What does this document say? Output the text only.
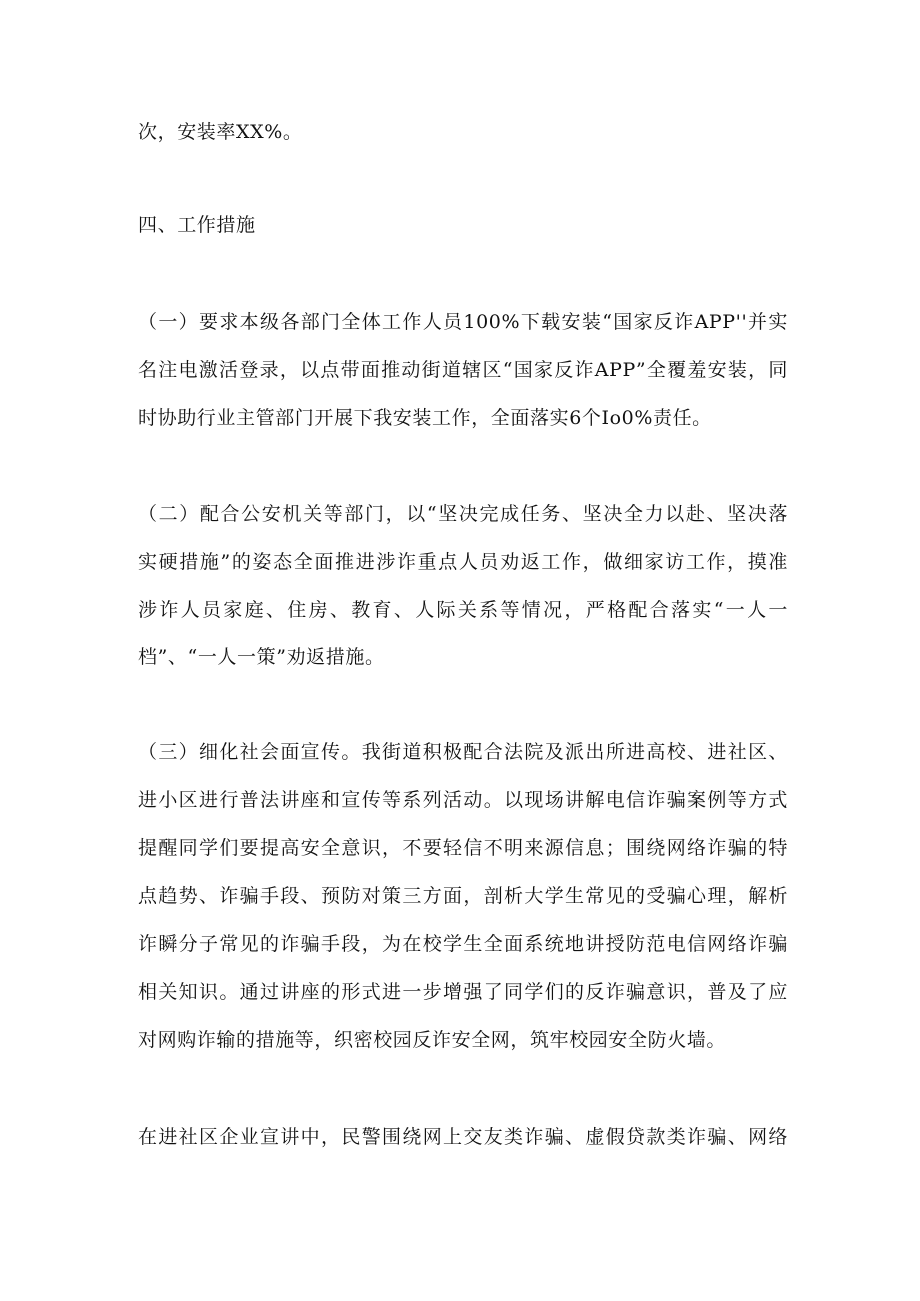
次，安装率XX%。
四、工作措施
（一）要求本级各部门全体工作人员100%下载安装“国家反诈APP''并实
名注电激活登录，以点带面推动街道辖区“国家反诈APP”全覆羞安装，同
时协助行业主管部门开展下我安装工作，全面落实6个Io0%责任。
（二）配合公安机关等部门，以“坚决完成任务、坚决全力以赴、坚决落
实硬措施”的姿态全面推进涉诈重点人员劝返工作，做细家访工作，摸准
涉诈人员家庭、住房、教育、人际关系等情况，严格配合落实“一人一
档”、“一人一策”劝返措施。
（三）细化社会面宣传。我街道积极配合法院及派出所进高校、进社区、
进小区进行普法讲座和宣传等系列活动。以现场讲解电信诈骗案例等方式
提醒同学们要提高安全意识，不要轻信不明来源信息；围绕网络诈骗的特
点趋势、诈骗手段、预防对策三方面，剖析大学生常见的受骗心理，解析
诈瞬分子常见的诈骗手段，为在校学生全面系统地讲授防范电信网络诈骗
相关知识。通过讲座的形式进一步增强了同学们的反诈骗意识，普及了应
对网购诈输的措施等，织密校园反诈安全网，筑牢校园安全防火墙。
在进社区企业宣讲中，民警围绕网上交友类诈骗、虚假贷款类诈骗、网络
